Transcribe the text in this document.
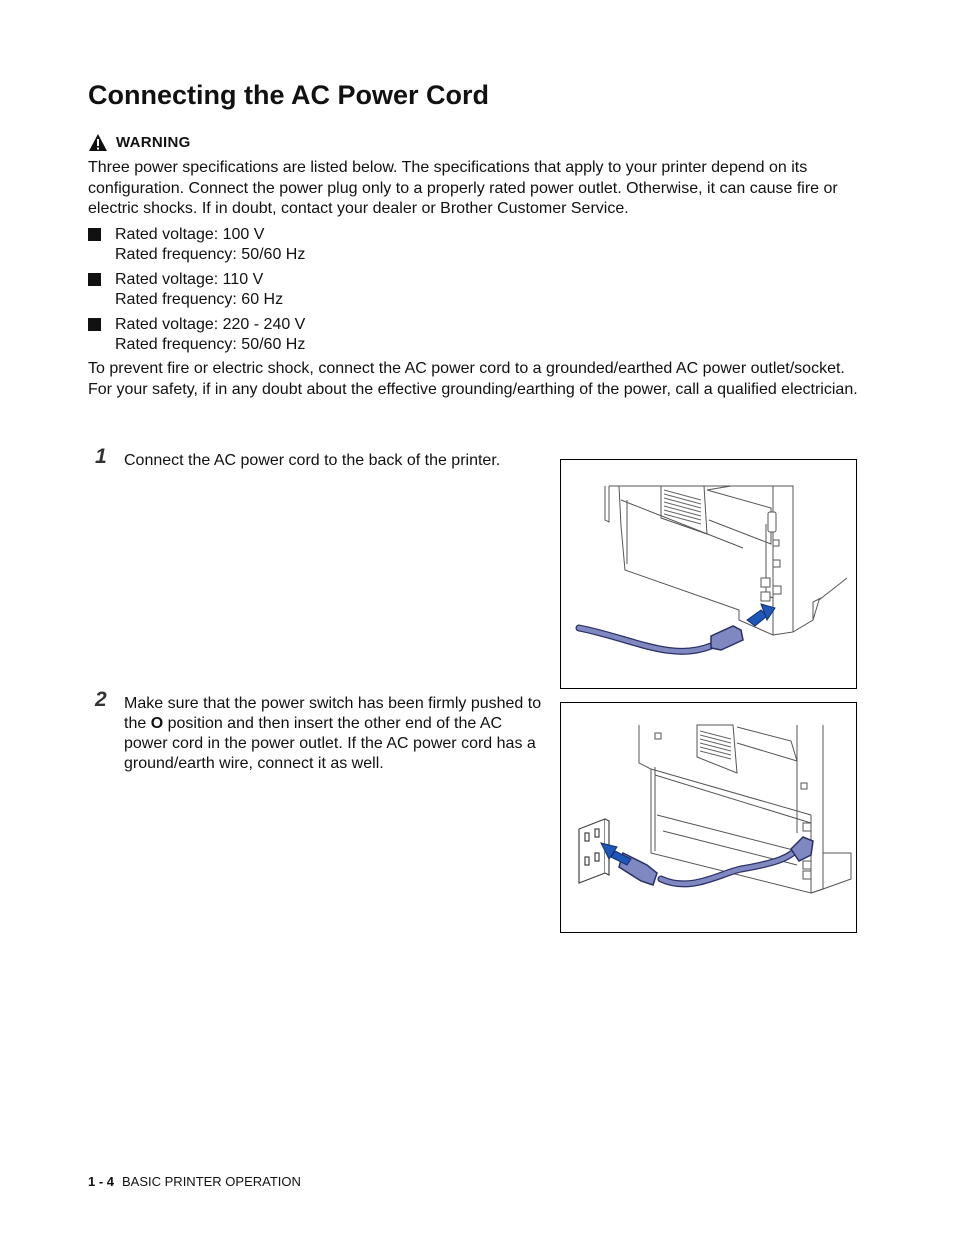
Connecting the AC Power Cord
WARNING
Three power specifications are listed below. The specifications that apply to your printer depend on its configuration. Connect the power plug only to a properly rated power outlet. Otherwise, it can cause fire or electric shocks. If in doubt, contact your dealer or Brother Customer Service.
Rated voltage: 100 V
Rated frequency: 50/60 Hz
Rated voltage: 110 V
Rated frequency: 60 Hz
Rated voltage: 220 - 240 V
Rated frequency: 50/60 Hz
To prevent fire or electric shock, connect the AC power cord to a grounded/earthed AC power outlet/socket. For your safety, if in any doubt about the effective grounding/earthing of the power, call a qualified electrician.
1 Connect the AC power cord to the back of the printer.
2 Make sure that the power switch has been firmly pushed to the O position and then insert the other end of the AC power cord in the power outlet. If the AC power cord has a ground/earth wire, connect it as well.
1 - 4 BASIC PRINTER OPERATION
